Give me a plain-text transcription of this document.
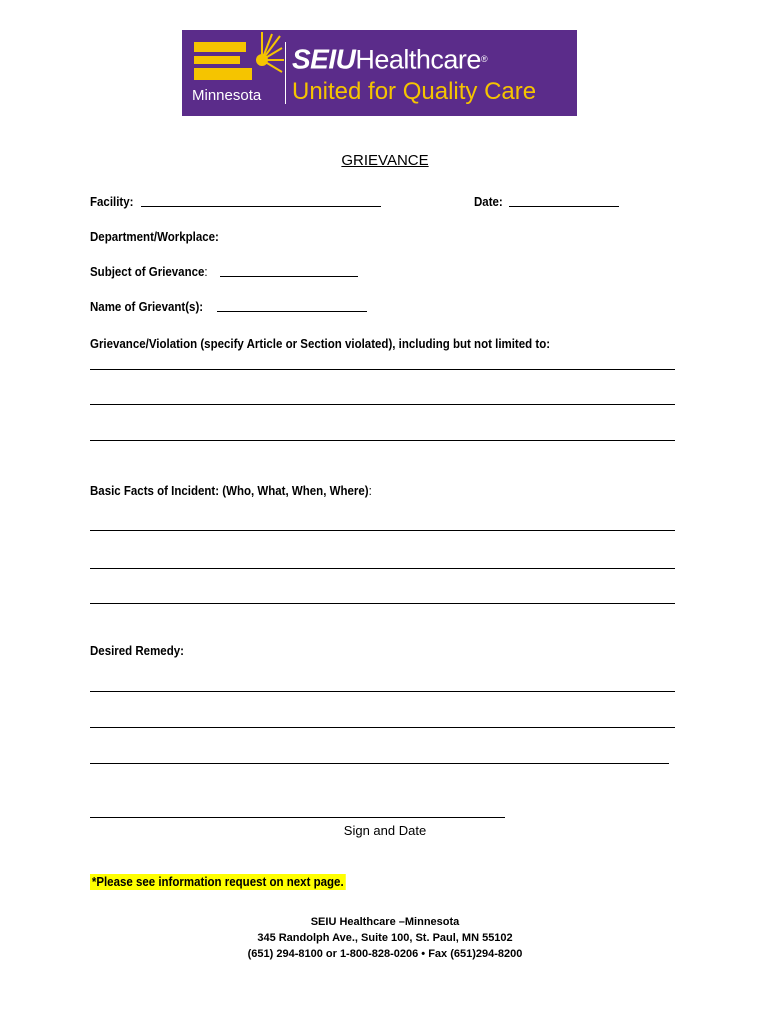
Minnesota
SEIUHealthcare®
United for Quality Care
GRIEVANCE
Facility:	Date:
Department/Workplace:
Subject of Grievance:
Name of Grievant(s):
Grievance/Violation (specify Article or Section violated), including but not limited to:
Basic Facts of Incident: (Who, What, When, Where):
Desired Remedy:
Sign and Date
*Please see information request on next page.
SEIU Healthcare –Minnesota
345 Randolph Ave., Suite 100, St. Paul, MN 55102
(651) 294-8100 or 1-800-828-0206 • Fax (651)294-8200
